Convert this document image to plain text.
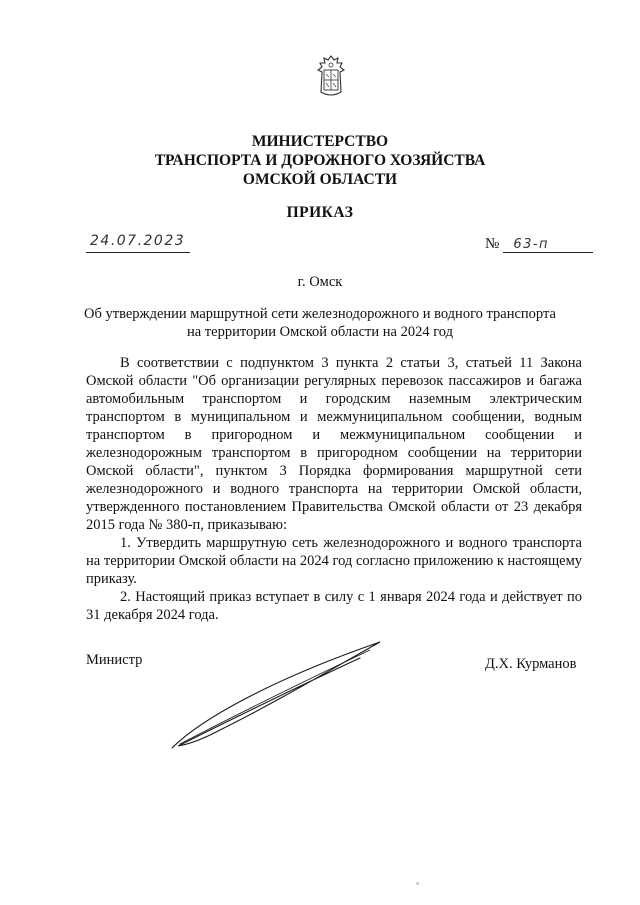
МИНИСТЕРСТВО
ТРАНСПОРТА И ДОРОЖНОГО ХОЗЯЙСТВА
ОМСКОЙ ОБЛАСТИ
ПРИКАЗ
24.07.2023	№ 63-п
г. Омск
Об утверждении маршрутной сети железнодорожного и водного транспорта
на территории Омской области на 2024 год

В соответствии с подпунктом 3 пункта 2 статьи 3, статьей 11 Закона Омской области "Об организации регулярных перевозок пассажиров и багажа автомобильным транспортом и городским наземным электрическим транспортом в муниципальном и межмуниципальном сообщении, водным транспортом в пригородном и межмуниципальном сообщении и железнодорожным транспортом в пригородном сообщении на территории Омской области", пунктом 3 Порядка формирования маршрутной сети железнодорожного и водного транспорта на территории Омской области, утвержденного постановлением Правительства Омской области от 23 декабря 2015 года № 380-п, приказываю:

1. Утвердить маршрутную сеть железнодорожного и водного транспорта на территории Омской области на 2024 год согласно приложению к настоящему приказу.

2. Настоящий приказ вступает в силу с 1 января 2024 года и действует по 31 декабря 2024 года.

Министр	Д.Х. Курманов
